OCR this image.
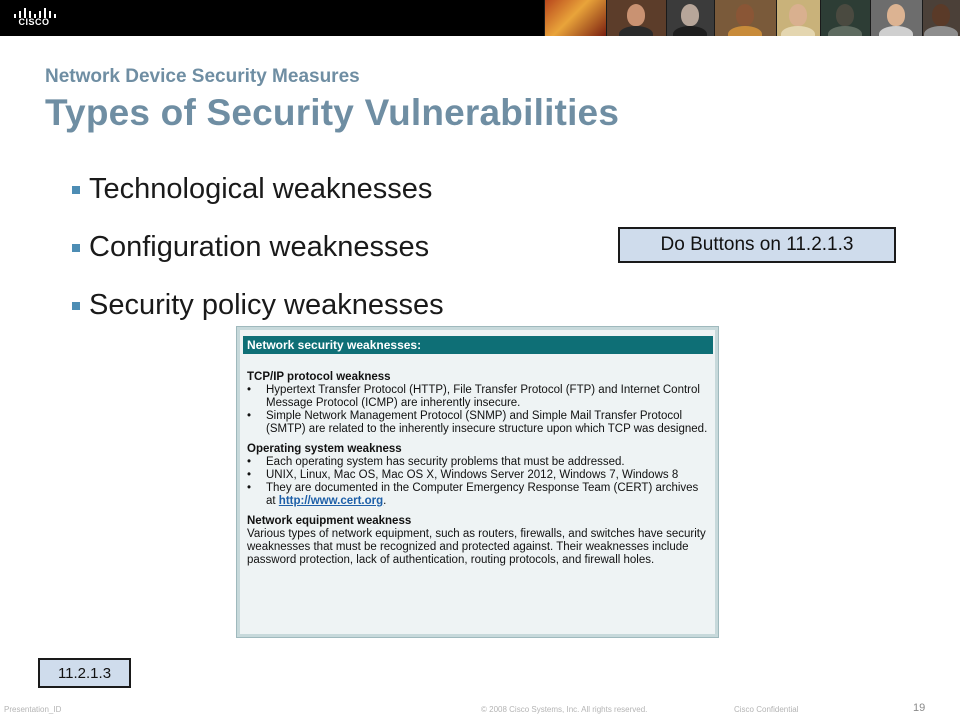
CISCO
Network Device Security Measures
Types of Security Vulnerabilities
Technological weaknesses
Configuration weaknesses
Security policy weaknesses
Do Buttons on 11.2.1.3
Network security weaknesses:

TCP/IP protocol weakness

•	Hypertext Transfer Protocol (HTTP), File Transfer Protocol (FTP) and Internet Control Message Protocol (ICMP) are inherently insecure.
•	Simple Network Management Protocol (SNMP) and Simple Mail Transfer Protocol (SMTP) are related to the inherently insecure structure upon which TCP was designed.

Operating system weakness

•	Each operating system has security problems that must be addressed.
•	UNIX, Linux, Mac OS, Mac OS X, Windows Server 2012, Windows 7, Windows 8
•	They are documented in the Computer Emergency Response Team (CERT) archives at http://www.cert.org.

Network equipment weakness

Various types of network equipment, such as routers, firewalls, and switches have security weaknesses that must be recognized and protected against. Their weaknesses include password protection, lack of authentication, routing protocols, and firewall holes.

11.2.1.3
Presentation_ID	© 2008 Cisco Systems, Inc. All rights reserved.	Cisco Confidential	19
